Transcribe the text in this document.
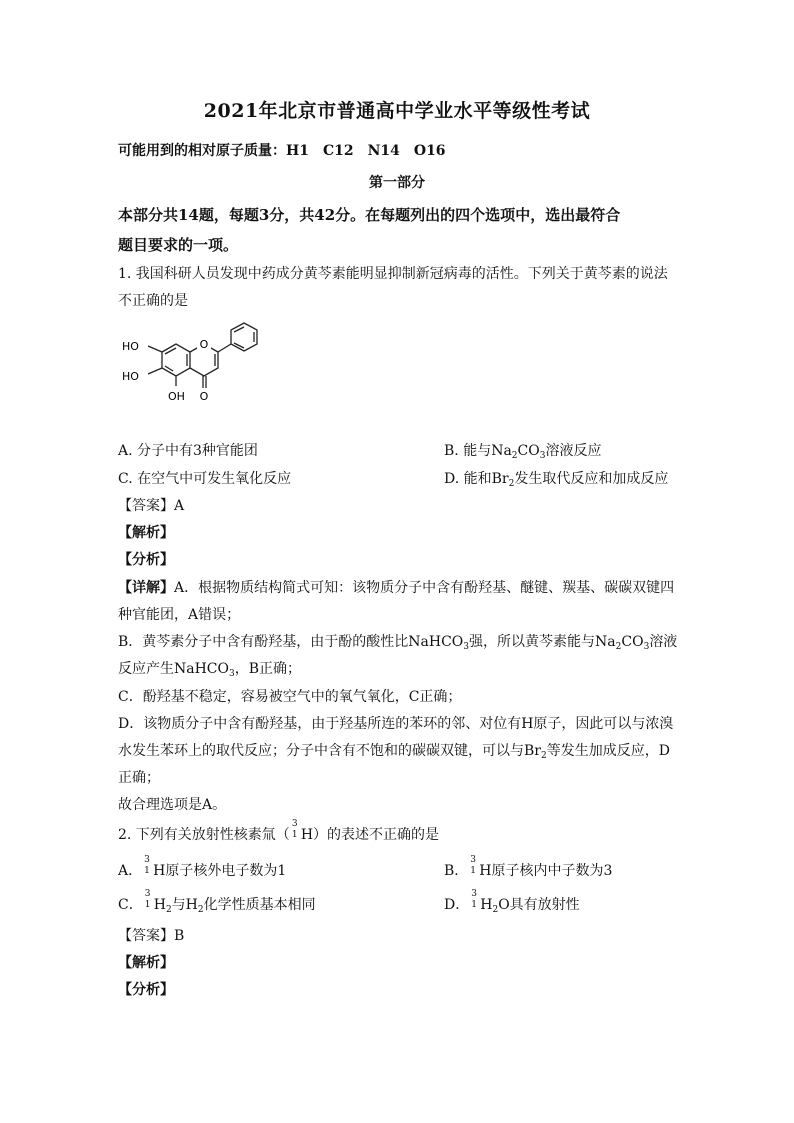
2021年北京市普通高中学业水平等级性考试
可能用到的相对原子质量：H1　C12　N14　O16
第一部分
本部分共14题，每题3分，共42分。在每题列出的四个选项中，选出最符合
题目要求的一项。
1. 我国科研人员发现中药成分黄芩素能明显抑制新冠病毒的活性。下列关于黄芩素的说法
不正确的是
O
O
HO
HO
OH
A. 分子中有3种官能团	B. 能与$Na_2CO_3$溶液反应
C. 在空气中可发生氧化反应	D. 能和$Br_2$发生取代反应和加成反应
【答案】A
【解析】
【分析】
【详解】A．根据物质结构简式可知：该物质分子中含有酚羟基、醚键、羰基、碳碳双键四
种官能团，A错误；
B．黄芩素分子中含有酚羟基，由于酚的酸性比NaHCO$_3$强，所以黄芩素能与$Na_2CO_3$溶液
反应产生NaHCO$_3$，B正确；
C．酚羟基不稳定，容易被空气中的氧气氧化，C正确；
D．该物质分子中含有酚羟基，由于羟基所连的苯环的邻、对位有H原子，因此可以与浓溴
水发生苯环上的取代反应；分子中含有不饱和的碳碳双键，可以与$Br_2$等发生加成反应，D
正确；
故合理选项是A。
2. 下列有关放射性核素氚（
3
1 H）的表述不正确的是
A．
3
1 H原子核外电子数为1	B．
3
1 H原子核内中子数为3
C．
3
1 $H_2$与$H_2$化学性质基本相同	D．
3
1 $H_2O$具有放射性
【答案】B
【解析】
【分析】
